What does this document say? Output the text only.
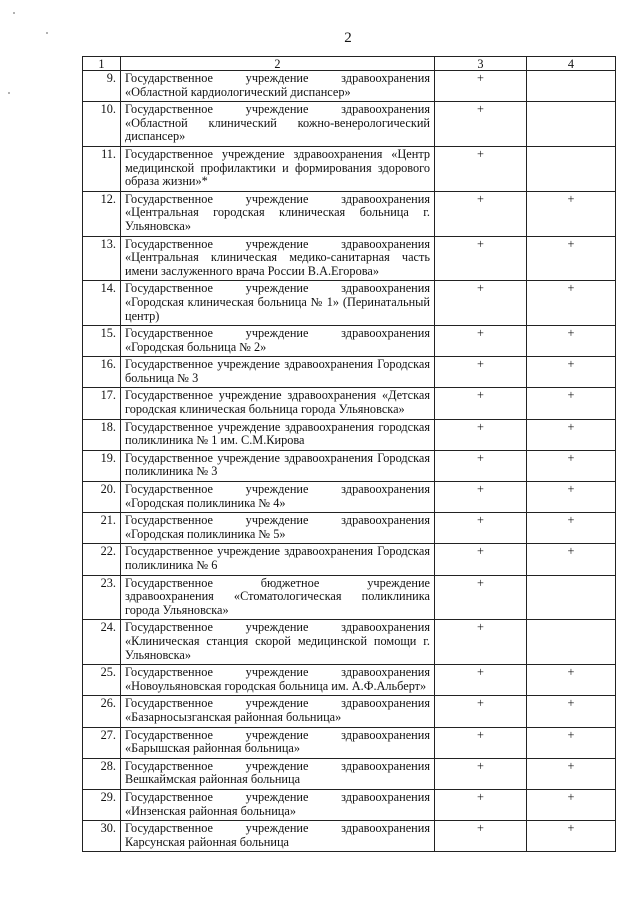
2
1	2	3	4
9.	Государственное учреждение здравоохранения «Областной кардиологический диспансер»	+	
10.	Государственное учреждение здравоохранения «Областной клинический кожно-венерологический диспансер»	+	
11.	Государственное учреждение здравоохранения «Центр медицинской профилактики и формирования здорового образа жизни»*	+	
12.	Государственное учреждение здравоохранения «Центральная городская клиническая больница г. Ульяновска»	+	+
13.	Государственное учреждение здравоохранения «Центральная клиническая медико-санитарная часть имени заслуженного врача России В.А.Егорова»	+	+
14.	Государственное учреждение здравоохранения «Городская клиническая больница № 1» (Перинатальный центр)	+	+
15.	Государственное учреждение здравоохранения «Городская больница № 2»	+	+
16.	Государственное учреждение здравоохранения Городская больница № 3	+	+
17.	Государственное учреждение здравоохранения «Детская городская клиническая больница города Ульяновска»	+	+
18.	Государственное учреждение здравоохранения городская поликлиника № 1 им. С.М.Кирова	+	+
19.	Государственное учреждение здравоохранения Городская поликлиника № 3	+	+
20.	Государственное учреждение здравоохранения «Городская поликлиника № 4»	+	+
21.	Государственное учреждение здравоохранения «Городская поликлиника № 5»	+	+
22.	Государственное учреждение здравоохранения Городская поликлиника № 6	+	+
23.	Государственное бюджетное учреждение здравоохранения «Стоматологическая поликлиника города Ульяновска»	+	
24.	Государственное учреждение здравоохранения «Клиническая станция скорой медицинской помощи г. Ульяновска»	+	
25.	Государственное учреждение здравоохранения «Новоульяновская городская больница им. А.Ф.Альберт»	+	+
26.	Государственное учреждение здравоохранения «Базарносызганская районная больница»	+	+
27.	Государственное учреждение здравоохранения «Барышская районная больница»	+	+
28.	Государственное учреждение здравоохранения Вешкаймская районная больница	+	+
29.	Государственное учреждение здравоохранения «Инзенская районная больница»	+	+
30.	Государственное учреждение здравоохранения Карсунская районная больница	+	+
